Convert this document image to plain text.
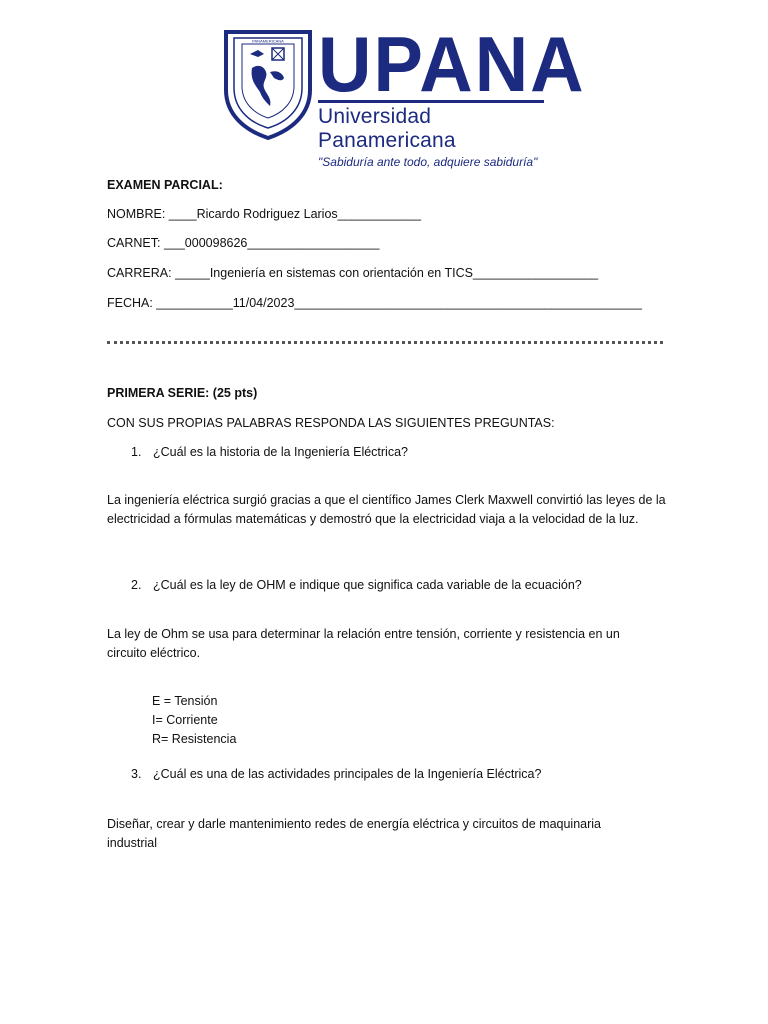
PANAMERICANA UPANA
Universidad Panamericana
"Sabiduría ante todo, adquiere sabiduría"
EXAMEN PARCIAL:
NOMBRE: ____Ricardo Rodriguez Larios____________
CARNET: ___000098626___________________
CARRERA: _____Ingeniería en sistemas con orientación en TICS__________________
FECHA: ___________11/04/2023__________________________________________________
PRIMERA SERIE: (25 pts)
CON SUS PROPIAS PALABRAS RESPONDA LAS SIGUIENTES PREGUNTAS:
1. ¿Cuál es la historia de la Ingeniería Eléctrica?
La ingeniería eléctrica surgió gracias a que el científico James Clerk Maxwell convirtió las leyes de la electricidad a fórmulas matemáticas y demostró que la electricidad viaja a la velocidad de la luz.
2. ¿Cuál es la ley de OHM e indique que significa cada variable de la ecuación?
La ley de Ohm se usa para determinar la relación entre tensión, corriente y resistencia en un circuito eléctrico.
E = Tensión
I= Corriente
R= Resistencia
3. ¿Cuál es una de las actividades principales de la Ingeniería Eléctrica?
Diseñar, crear y darle mantenimiento redes de energía eléctrica y circuitos de maquinaria industrial
